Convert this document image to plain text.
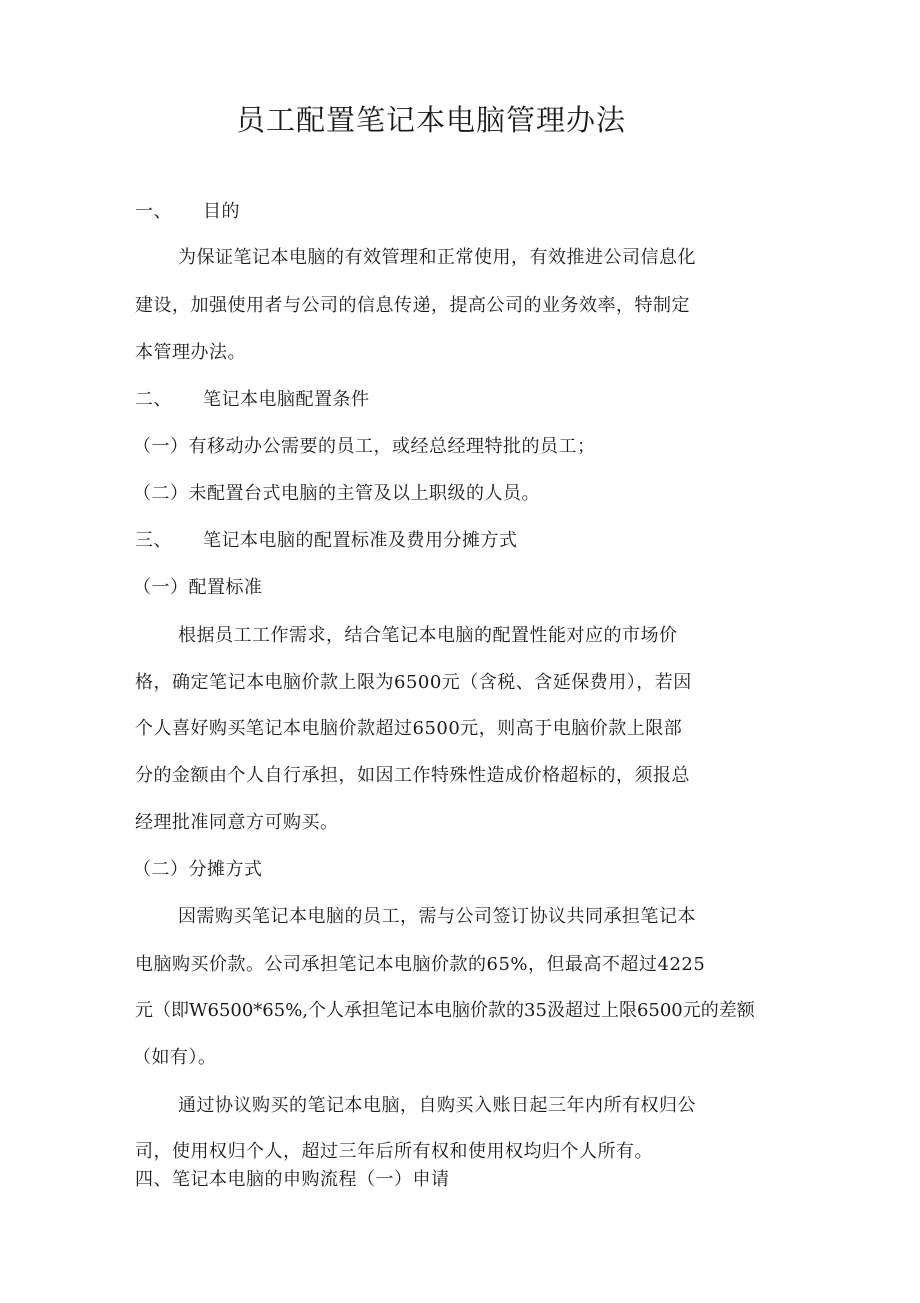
员工配置笔记本电脑管理办法
一、 目的
为保证笔记本电脑的有效管理和正常使用，有效推进公司信息化
建设，加强使用者与公司的信息传递，提高公司的业务效率，特制定
本管理办法。
二、 笔记本电脑配置条件
（一）有移动办公需要的员工，或经总经理特批的员工；
（二）未配置台式电脑的主管及以上职级的人员。
三、 笔记本电脑的配置标准及费用分摊方式
（一）配置标准
根据员工工作需求，结合笔记本电脑的配置性能对应的市场价
格，确定笔记本电脑价款上限为6500元（含税、含延保费用），若因
个人喜好购买笔记本电脑价款超过6500元，则高于电脑价款上限部
分的金额由个人自行承担，如因工作特殊性造成价格超标的，须报总
经理批准同意方可购买。
（二）分摊方式
因需购买笔记本电脑的员工，需与公司签订协议共同承担笔记本
电脑购买价款。公司承担笔记本电脑价款的65%，但最高不超过4225
元（即W6500*65%,个人承担笔记本电脑价款的35汲超过上限6500元的差额
（如有）。
通过协议购买的笔记本电脑，自购买入账日起三年内所有权归公
司，使用权归个人，超过三年后所有权和使用权均归个人所有。
四、笔记本电脑的申购流程（一）申请
